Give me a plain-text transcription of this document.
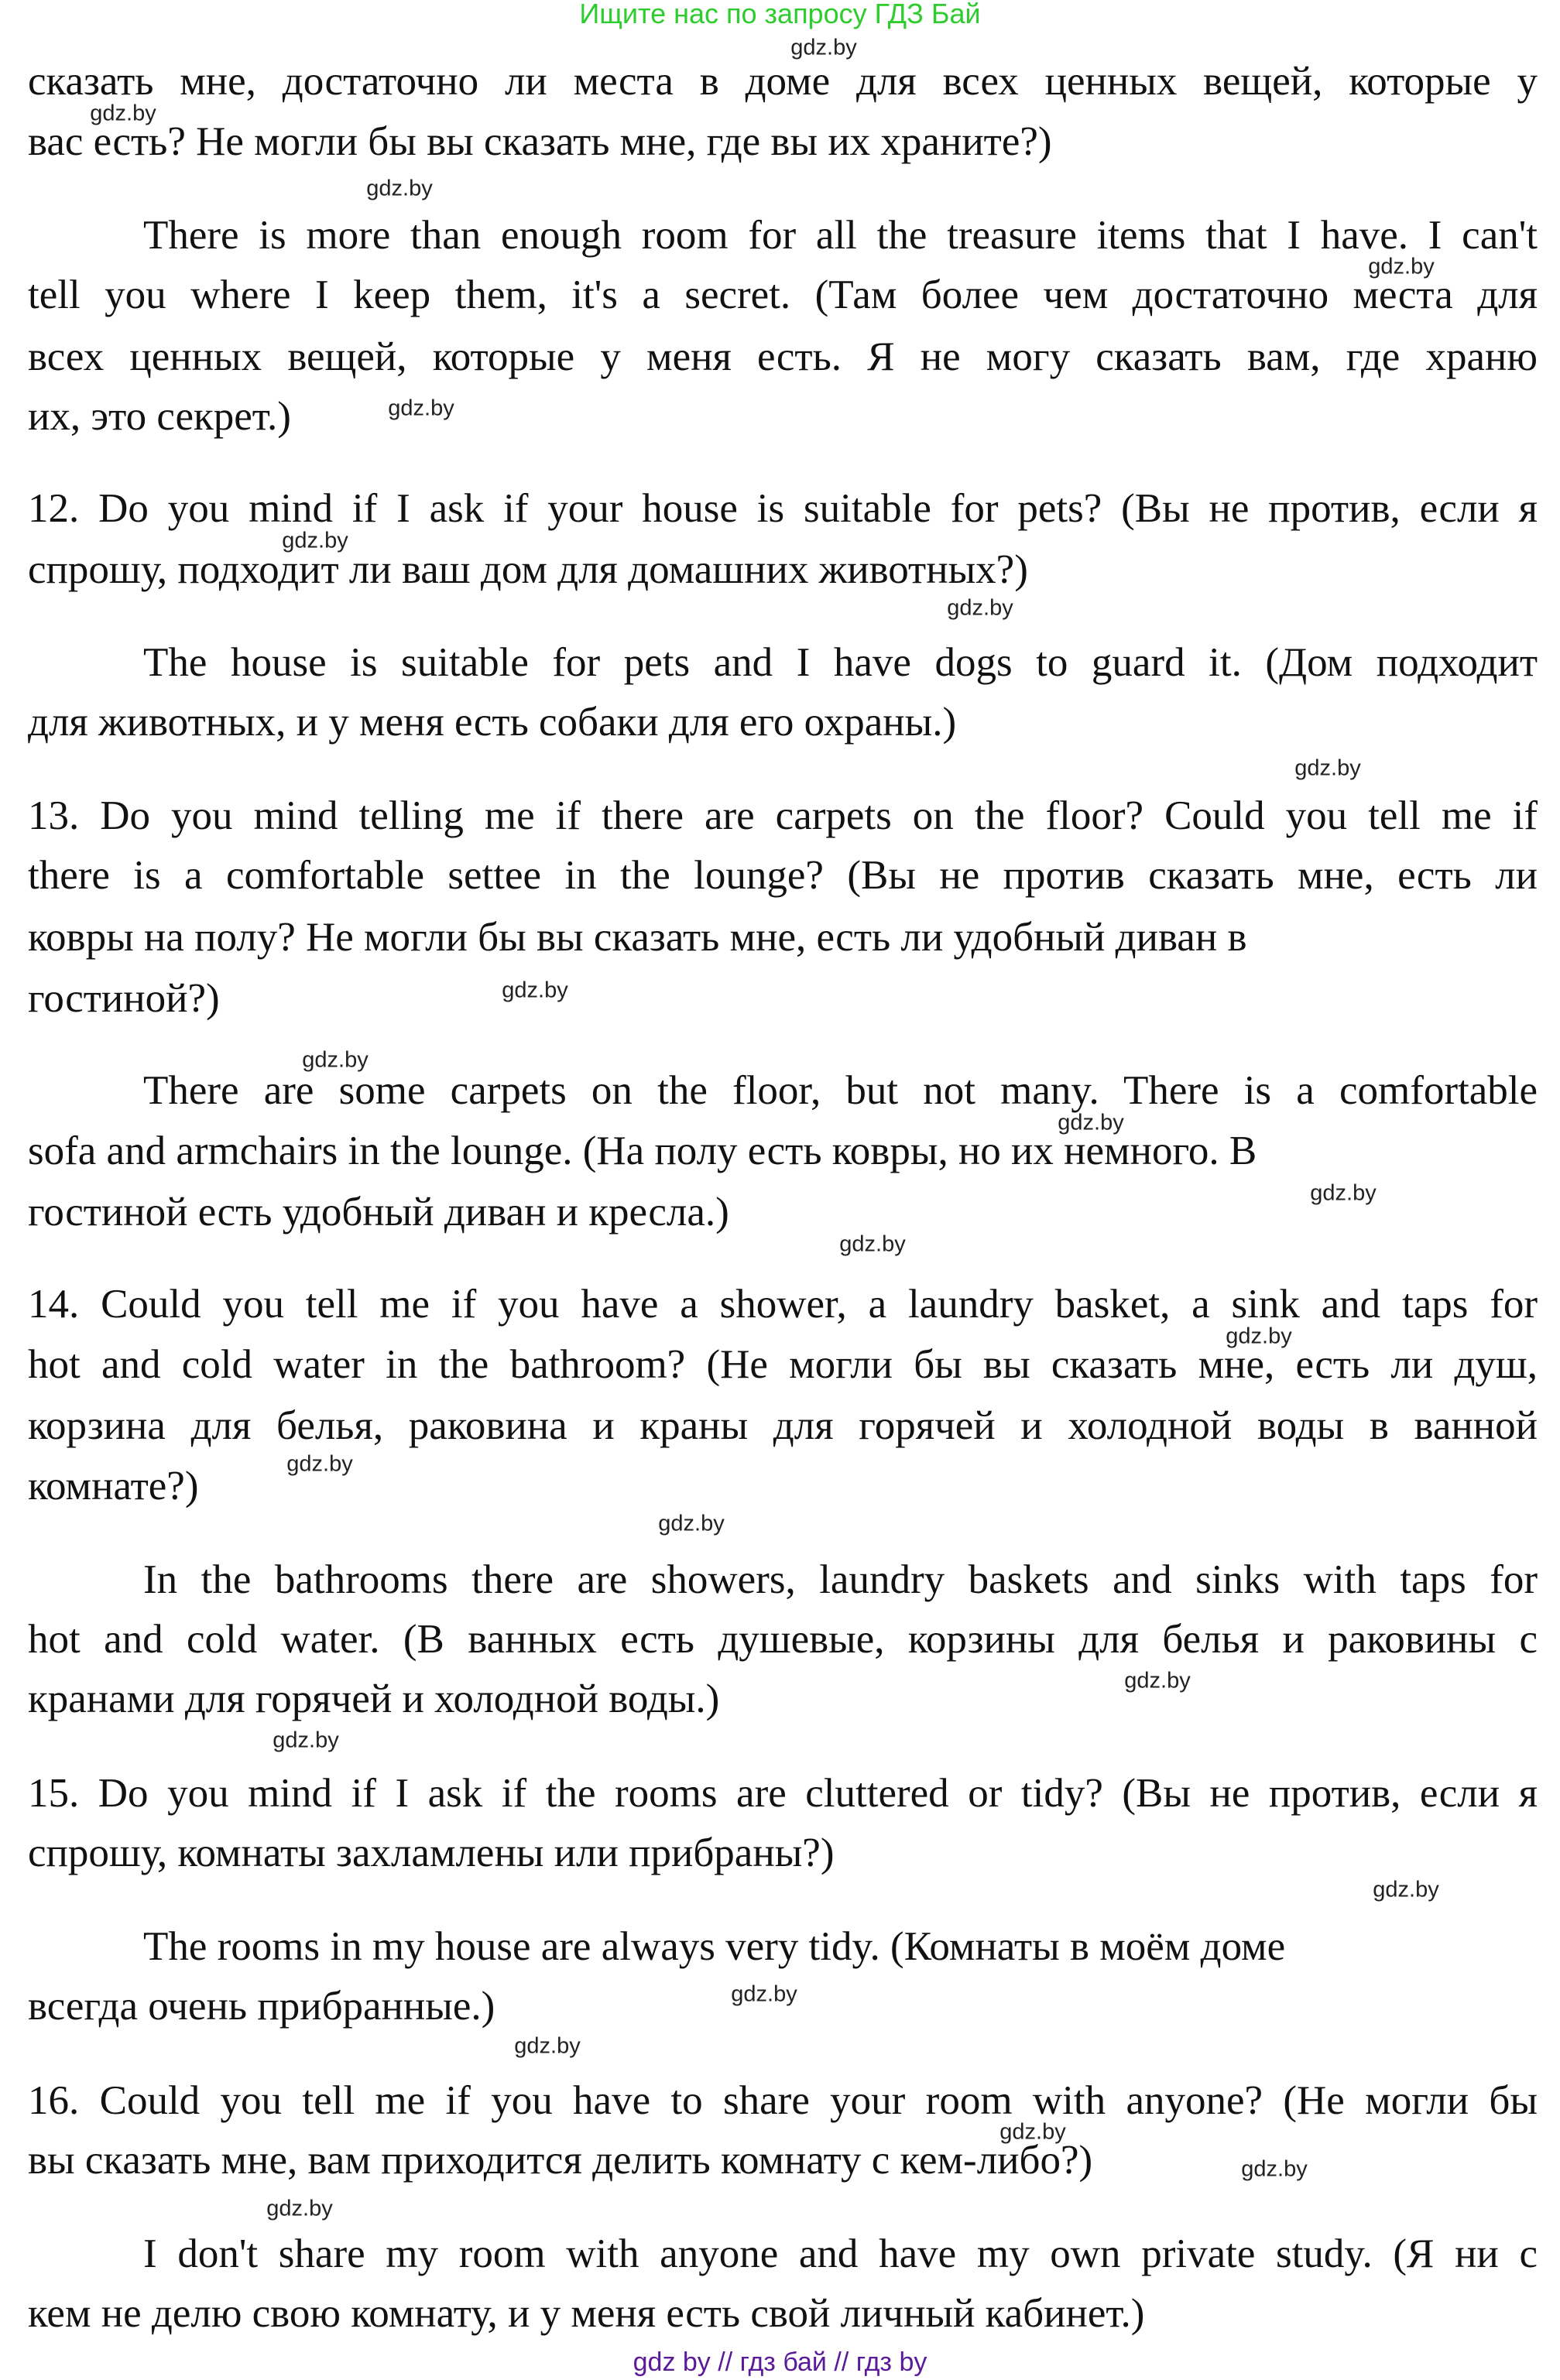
Ищите нас по запросу ГДЗ Бай
сказать мне, достаточно ли места в доме для всех ценных вещей, которые у
вас есть? Не могли бы вы сказать мне, где вы их храните?)
There is more than enough room for all the treasure items that I have. I can't
tell you where I keep them, it's a secret. (Там более чем достаточно места для
всех ценных вещей, которые у меня есть. Я не могу сказать вам, где храню
их, это секрет.)
12. Do you mind if I ask if your house is suitable for pets? (Вы не против, если я
спрошу, подходит ли ваш дом для домашних животных?)
The house is suitable for pets and I have dogs to guard it. (Дом подходит
для животных, и у меня есть собаки для его охраны.)
13. Do you mind telling me if there are carpets on the floor? Could you tell me if
there is a comfortable settee in the lounge? (Вы не против сказать мне, есть ли
ковры на полу? Не могли бы вы сказать мне, есть ли удобный диван в
гостиной?)
There are some carpets on the floor, but not many. There is a comfortable
sofa and armchairs in the lounge. (На полу есть ковры, но их немного. В
гостиной есть удобный диван и кресла.)
14. Could you tell me if you have a shower, a laundry basket, a sink and taps for
hot and cold water in the bathroom? (Не могли бы вы сказать мне, есть ли душ,
корзина для белья, раковина и краны для горячей и холодной воды в ванной
комнате?)
In the bathrooms there are showers, laundry baskets and sinks with taps for
hot and cold water. (В ванных есть душевые, корзины для белья и раковины с
кранами для горячей и холодной воды.)
15. Do you mind if I ask if the rooms are cluttered or tidy? (Вы не против, если я
спрошу, комнаты захламлены или прибраны?)
The rooms in my house are always very tidy. (Комнаты в моём доме
всегда очень прибранные.)
16. Could you tell me if you have to share your room with anyone? (Не могли бы
вы сказать мне, вам приходится делить комнату с кем-либо?)
I don't share my room with anyone and have my own private study. (Я ни с
кем не делю свою комнату, и у меня есть свой личный кабинет.)
gdz.by
gdz.by
gdz.by
gdz.by
gdz.by
gdz.by
gdz.by
gdz.by
gdz.by
gdz.by
gdz.by
gdz.by
gdz.by
gdz.by
gdz.by
gdz.by
gdz.by
gdz.by
gdz.by
gdz.by
gdz.by
gdz.by
gdz.by
gdz.by
gdz by // гдз бай // гдз by
